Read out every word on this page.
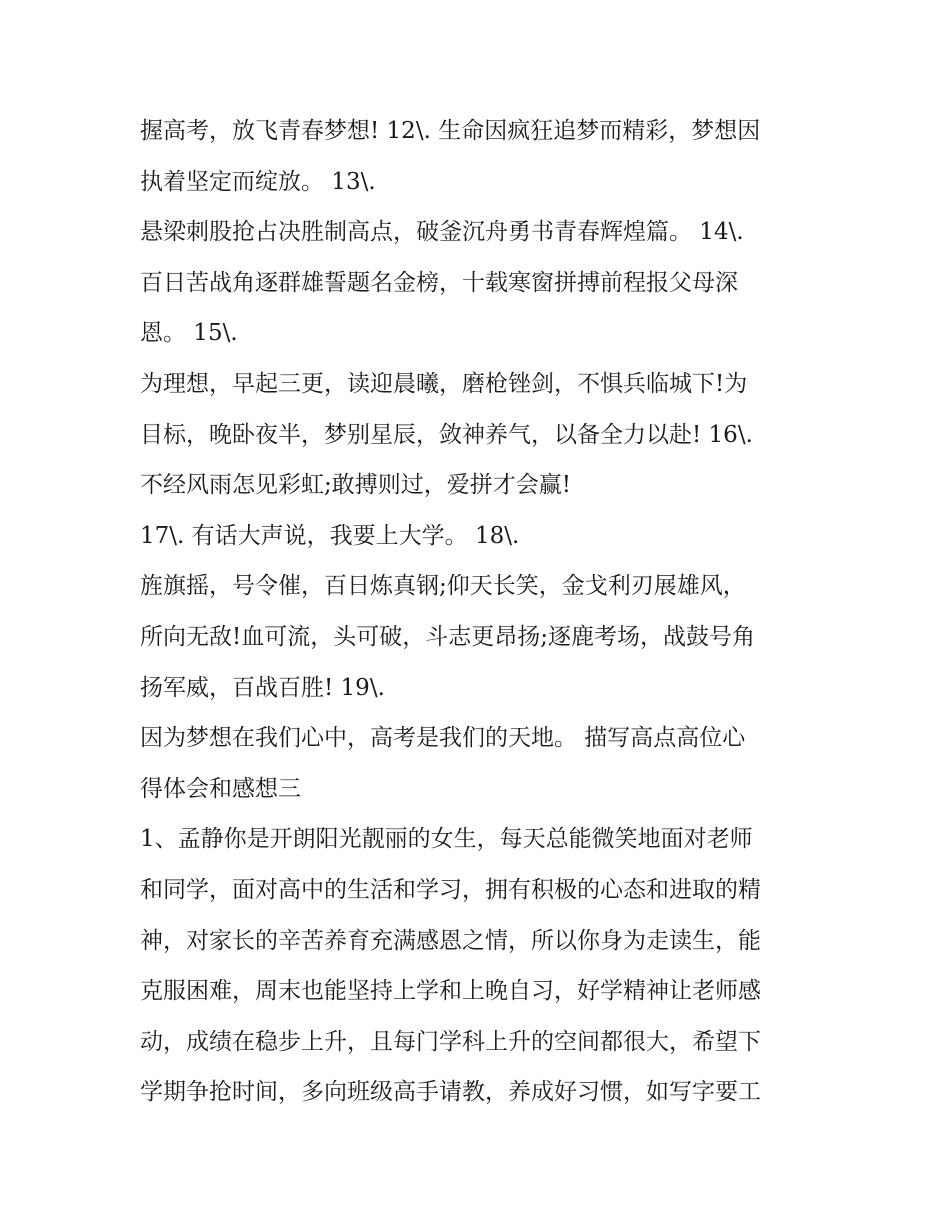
握高考，放飞青春梦想! 12\. 生命因疯狂追梦而精彩，梦想因
执着坚定而绽放。 13\.
悬梁刺股抢占决胜制高点，破釜沉舟勇书青春辉煌篇。 14\.
百日苦战角逐群雄誓题名金榜，十载寒窗拼搏前程报父母深
恩。 15\.
为理想，早起三更，读迎晨曦，磨枪锉剑，不惧兵临城下!为
目标，晚卧夜半，梦别星辰，敛神养气，以备全力以赴! 16\.
不经风雨怎见彩虹;敢搏则过，爱拼才会赢!
17\. 有话大声说，我要上大学。 18\.
旌旗摇，号令催，百日炼真钢;仰天长笑，金戈利刃展雄风，
所向无敌!血可流，头可破，斗志更昂扬;逐鹿考场，战鼓号角
扬军威，百战百胜! 19\.
因为梦想在我们心中，高考是我们的天地。 描写高点高位心
得体会和感想三
1、孟静你是开朗阳光靓丽的女生，每天总能微笑地面对老师
和同学，面对高中的生活和学习，拥有积极的心态和进取的精
神，对家长的辛苦养育充满感恩之情，所以你身为走读生，能
克服困难，周末也能坚持上学和上晚自习，好学精神让老师感
动，成绩在稳步上升，且每门学科上升的空间都很大，希望下
学期争抢时间，多向班级高手请教，养成好习惯，如写字要工
